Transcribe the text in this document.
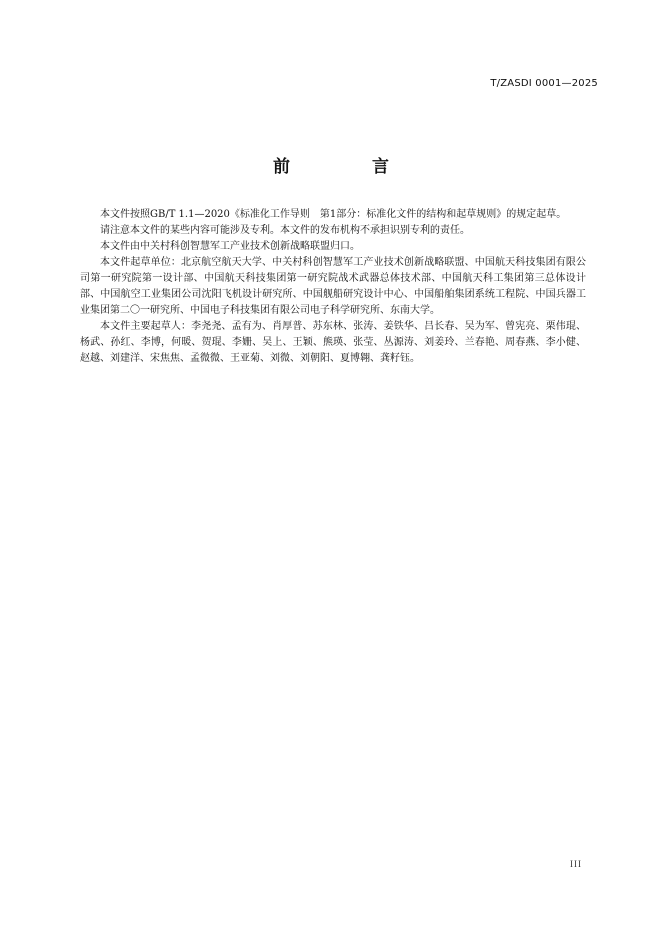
T/ZASDI 0001—2025
前 言

本文件按照GB/T 1.1—2020《标准化工作导则　第1部分：标准化文件的结构和起草规则》的规定起草。

请注意本文件的某些内容可能涉及专利。本文件的发布机构不承担识别专利的责任。

本文件由中关村科创智慧军工产业技术创新战略联盟归口。

本文件起草单位：北京航空航天大学、中关村科创智慧军工产业技术创新战略联盟、中国航天科技集团有限公司第一研究院第一设计部、中国航天科技集团第一研究院战术武器总体技术部、中国航天科工集团第三总体设计部、中国航空工业集团公司沈阳飞机设计研究所、中国舰船研究设计中心、中国船舶集团系统工程院、中国兵器工业集团第二〇一研究所、中国电子科技集团有限公司电子科学研究所、东南大学。

本文件主要起草人：李尧尧、孟有为、肖厚普、苏东林、张涛、姜铁华、吕长春、吴为军、曾宪亮、栗伟琨、杨武、孙红、李博，何暖、贺琨、李姗、吴上、王颖、熊瑛、张莹、丛源涛、刘姜玲、兰春艳、周春燕、李小健、赵越、刘建洋、宋焦焦、孟微微、王亚菊、刘微、刘朝阳、夏博翱、龚籽钰。

III
